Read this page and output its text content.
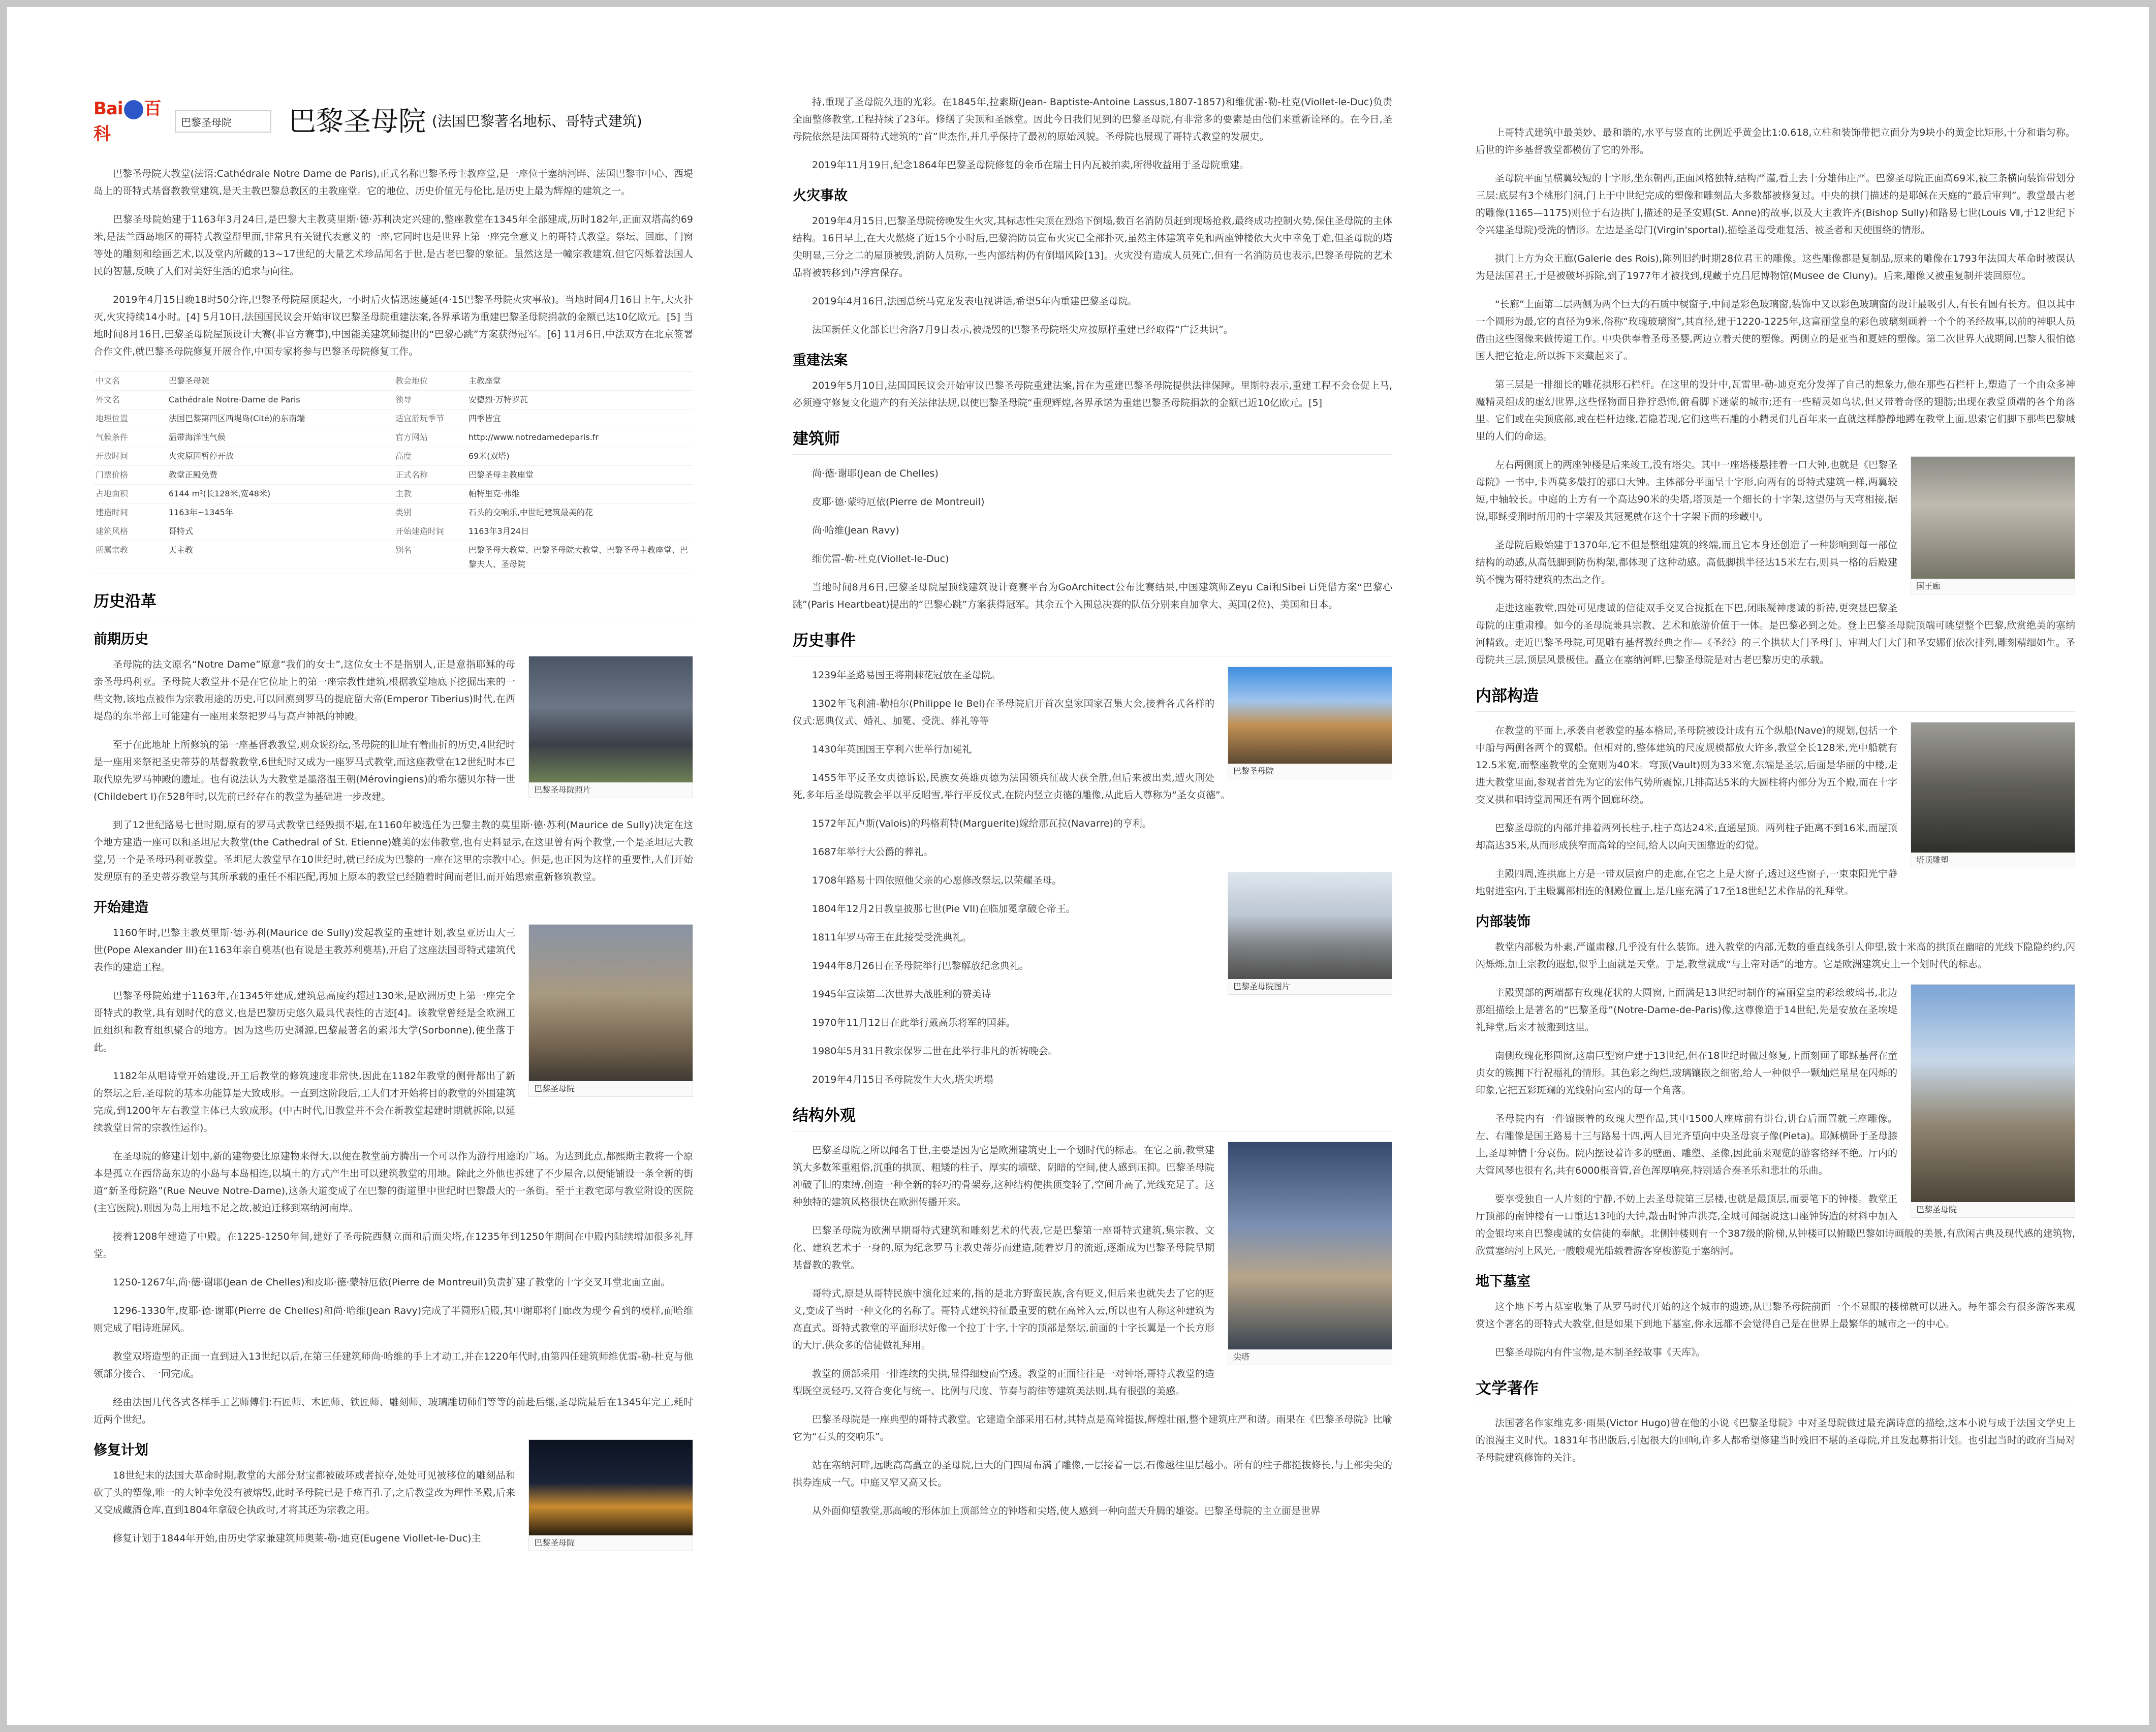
Bai 百科
巴黎圣母院	巴黎圣母院 (法国巴黎著名地标、哥特式建筑)

巴黎圣母院大教堂(法语:Cathédrale Notre Dame de Paris),正式名称巴黎圣母主教座堂,是一座位于塞纳河畔、法国巴黎市中心、西堤岛上的哥特式基督教教堂建筑,是天主教巴黎总教区的主教座堂。它的地位、历史价值无与伦比,是历史上最为辉煌的建筑之一。

巴黎圣母院始建于1163年3月24日,是巴黎大主教莫里斯·德·苏利决定兴建的,整座教堂在1345年全部建成,历时182年,正面双塔高约69米,是法兰西岛地区的哥特式教堂群里面,非常具有关键代表意义的一座,它同时也是世界上第一座完全意义上的哥特式教堂。祭坛、回廊、门窗等处的雕刻和绘画艺术,以及堂内所藏的13~17世纪的大量艺术珍品闻名于世,是古老巴黎的象征。虽然这是一幢宗教建筑,但它闪烁着法国人民的智慧,反映了人们对美好生活的追求与向往。

2019年4月15日晚18时50分许,巴黎圣母院屋顶起火,一小时后火情迅速蔓延(4·15巴黎圣母院火灾事故)。当地时间4月16日上午,大火扑灭,火灾持续14小时。[4] 5月10日,法国国民议会开始审议巴黎圣母院重建法案,各界承诺为重建巴黎圣母院捐款的金额已达10亿欧元。[5] 当地时间8月16日,巴黎圣母院屋顶设计大赛(非官方赛事),中国能美建筑师提出的“巴黎心跳”方案获得冠军。[6] 11月6日,中法双方在北京签署合作文件,就巴黎圣母院修复开展合作,中国专家将参与巴黎圣母院修复工作。

中文名	巴黎圣母院	教会地位	主教座堂
外文名	Cathédrale Notre-Dame de Paris	领导	安德烈·万特罗瓦
地理位置	法国巴黎第四区西堤岛(Cité)的东南端	适宜游玩季节	四季皆宜
气候条件	温带海洋性气候	官方网站	http://www.notredamedeparis.fr
开放时间	火灾原因暂停开放	高度	69米(双塔)
门票价格	教堂正殿免费	正式名称	巴黎圣母主教座堂
占地面积	6144 m²(长128米,宽48米)	主教	帕特里克·弗维
建造时间	1163年~1345年	类别	石头的交响乐,中世纪建筑最美的花
建筑风格	哥特式	开始建造时间	1163年3月24日
所属宗教	天主教	别名	巴黎圣母大教堂、巴黎圣母院大教堂、巴黎圣母主教座堂、巴黎夫人、圣母院
历史沿革
前期历史
巴黎圣母院照片

圣母院的法文原名“Notre Dame”原意“我们的女士”,这位女士不是指别人,正是意指耶稣的母亲圣母玛利亚。圣母院大教堂并不是在它位址上的第一座宗教性建筑,根据教堂地底下挖掘出来的一些文物,该地点被作为宗教用途的历史,可以回溯到罗马的提庇留大帝(Emperor Tiberius)时代,在西堤岛的东半部上可能建有一座用来祭祀罗马与高卢神祇的神殿。

至于在此地址上所修筑的第一座基督教教堂,则众说纷纭,圣母院的旧址有着曲折的历史,4世纪时是一座用来祭祀圣史蒂芬的基督教教堂,6世纪时又成为一座罗马式教堂,而这座教堂在12世纪时本已取代原先罗马神殿的遗址。也有说法认为大教堂是墨洛温王朝(Mérovingiens)的希尔德贝尔特一世(Childebert I)在528年时,以先前已经存在的教堂为基础进一步改建。

到了12世纪路易七世时期,原有的罗马式教堂已经毁损不堪,在1160年被选任为巴黎主教的莫里斯·德·苏利(Maurice de Sully)决定在这个地方建造一座可以和圣坦尼大教堂(the Cathedral of St. Etienne)媲美的宏伟教堂,也有史料显示,在这里曾有两个教堂,一个是圣坦尼大教堂,另一个是圣母玛利亚教堂。圣坦尼大教堂早在10世纪时,就已经成为巴黎的一座在这里的宗教中心。但是,也正因为这样的重要性,人们开始发现原有的圣史蒂芬教堂与其所承载的重任不相匹配,再加上原本的教堂已经随着时间而老旧,而开始思索重新修筑教堂。

开始建造
巴黎圣母院

1160年时,巴黎主教莫里斯·德·苏利(Maurice de Sully)发起教堂的重建计划,教皇亚历山大三世(Pope Alexander III)在1163年亲自奠基(也有说是主教苏利奠基),开启了这座法国哥特式建筑代表作的建造工程。

巴黎圣母院始建于1163年,在1345年建成,建筑总高度约超过130米,是欧洲历史上第一座完全哥特式的教堂,具有划时代的意义,也是巴黎历史悠久最具代表性的古迹[4]。该教堂曾经是全欧洲工匠组织和教育组织聚合的地方。因为这些历史渊源,巴黎最著名的索邦大学(Sorbonne),便坐落于此。

1182年从唱诗堂开始建设,开工后教堂的修筑速度非常快,因此在1182年教堂的侧骨都出了新的祭坛之后,圣母院的基本功能算是大致成形。一直到这阶段后,工人们才开始将目的教堂的外围建筑完成,到1200年左右教堂主体已大致成形。(中古时代,旧教堂并不会在新教堂起建时期就拆除,以延续教堂日常的宗教性运作)。

在圣母院的修建计划中,新的建物要比原建物来得大,以便在教堂前方腾出一个可以作为游行用途的广场。为达到此点,都熙斯主教将一个原本是孤立在西岱岛东边的小岛与本岛相连,以填土的方式产生出可以建筑教堂的用地。除此之外他也拆建了不少屋舍,以便能铺设一条全新的街道“新圣母院路”(Rue Neuve Notre-Dame),这条大道变成了在巴黎的街道里中世纪时巴黎最大的一条街。至于主教宅邸与教堂附设的医院(主宫医院),则因为岛上用地不足之故,被迫迁移到塞纳河南岸。

接着1208年建造了中殿。在1225-1250年间,建好了圣母院西侧立面和后面尖塔,在1235年到1250年期间在中殿内陆续增加很多礼拜堂。

1250-1267年,尚·德·谢耶(Jean de Chelles)和皮耶·德·蒙特厄依(Pierre de Montreuil)负责扩建了教堂的十字交叉耳堂北面立面。

1296-1330年,皮耶·德·谢耶(Pierre de Chelles)和尚·哈维(Jean Ravy)完成了半圆形后殿,其中谢耶将门廊改为现今看到的模样,而哈维则完成了唱诗班屏风。

教堂双塔造型的正面一直到进入13世纪以后,在第三任建筑师尚·哈维的手上才动工,并在1220年代时,由第四任建筑师维优雷-勒-杜克与他领部分接合、一同完成。

经由法国几代各式各样手工艺师傅们:石匠师、木匠师、铁匠师、雕刻师、玻璃雕切师们等等的前赴后继,圣母院最后在1345年完工,耗时近两个世纪。

巴黎圣母院
修复计划

18世纪末的法国大革命时期,教堂的大部分财宝都被破坏或者掠夺,处处可见被移位的雕刻品和砍了头的塑像,唯一的大钟幸免没有被熔毁,此时圣母院已是千疮百孔了,之后教堂改为理性圣殿,后来又变成藏酒仓库,直到1804年拿破仑执政时,才将其还为宗教之用。

修复计划于1844年开始,由历史学家兼建筑师奥莱-勒-迪克(Eugene Viollet-le-Duc)主

持,重现了圣母院久违的光彩。在1845年,拉素斯(Jean- Baptiste-Antoine Lassus,1807-1857)和维优雷-勒-杜克(Viollet-le-Duc)负责全面整修教堂,工程持续了23年。修缮了尖顶和圣骸堂。因此今日我们见到的巴黎圣母院,有非常多的要素是由他们来重新诠释的。在今日,圣母院依然是法国哥特式建筑的“首”世杰作,并几乎保持了最初的原始风貌。圣母院也展现了哥特式教堂的发展史。

2019年11月19日,纪念1864年巴黎圣母院修复的金币在瑞士日内瓦被拍卖,所得收益用于圣母院重建。

火灾事故

2019年4月15日,巴黎圣母院傍晚发生火灾,其标志性尖顶在烈焰下倒塌,数百名消防员赶到现场抢救,最终成功控制火势,保住圣母院的主体结构。16日早上,在大火燃烧了近15个小时后,巴黎消防员宣布火灾已全部扑灭,虽然主体建筑幸免和两座钟楼依大火中幸免于难,但圣母院的塔尖明显,三分之二的屋顶被毁,消防人员称,一些内部结构仍有倒塌风险[13]。火灾没有造成人员死亡,但有一名消防员也表示,巴黎圣母院的艺术品将被转移到卢浮宫保存。

2019年4月16日,法国总统马克龙发表电视讲话,希望5年内重建巴黎圣母院。

法国新任文化部长巴舍洛7月9日表示,被烧毁的巴黎圣母院塔尖应按原样重建已经取得“广泛共识”。

重建法案

2019年5月10日,法国国民议会开始审议巴黎圣母院重建法案,旨在为重建巴黎圣母院提供法律保障。里斯特表示,重建工程不会仓促上马,必须遵守修复文化遗产的有关法律法规,以使巴黎圣母院“重现辉煌,各界承诺为重建巴黎圣母院捐款的金额已近10亿欧元。[5]

建筑师

尚·德·谢耶(Jean de Chelles)

皮耶·德·蒙特厄依(Pierre de Montreuil)

尚·哈维(Jean Ravy)

维优雷-勒-杜克(Viollet-le-Duc)

当地时间8月6日,巴黎圣母院屋顶线建筑设计竞赛平台为GoArchitect公布比赛结果,中国建筑师Zeyu Cai和Sibei Li凭借方案“巴黎心跳”(Paris Heartbeat)提出的“巴黎心跳”方案获得冠军。其余五个入围总决赛的队伍分别来自加拿大、英国(2位)、美国和日本。

历史事件
巴黎圣母院

1239年圣路易国王将荆棘花冠放在圣母院。

1302年飞利浦-勒柏尔(Philippe le Bel)在圣母院启开首次皇家国家召集大会,接着各式各样的仪式:恩典仪式、婚礼、加冕、受洗、葬礼等等

1430年英国国王亨利六世举行加冕礼

1455年平反圣女贞德诉讼,民族女英雄贞德为法国领兵征战大获全胜,但后来被出卖,遭火刑处死,多年后圣母院教会平以平反昭雪,举行平反仪式,在院内竖立贞德的雕像,从此后人尊称为“圣女贞德”。

1572年瓦卢斯(Valois)的玛格莉特(Marguerite)嫁给那瓦拉(Navarre)的亨利。

1687年举行大公爵的葬礼。

巴黎圣母院图片

1708年路易十四依照他父亲的心愿修改祭坛,以荣耀圣母。

1804年12月2日教皇披那七世(Pie VII)在临加冕拿破仑帝王。

1811年罗马帝王在此接受受洗典礼。

1944年8月26日在圣母院举行巴黎解放纪念典礼。

1945年宣读第二次世界大战胜利的赞美诗

1970年11月12日在此举行戴高乐将军的国葬。

1980年5月31日教宗保罗二世在此举行非凡的祈祷晚会。

2019年4月15日圣母院发生大火,塔尖坍塌

结构外观
尖塔

巴黎圣母院之所以闻名于世,主要是因为它是欧洲建筑史上一个划时代的标志。在它之前,教堂建筑大多数笨重粗俗,沉重的拱顶、粗矮的柱子、厚实的墙壁、阴暗的空间,使人感到压抑。巴黎圣母院冲破了旧的束缚,创造一种全新的轻巧的骨架券,这种结构使拱顶变轻了,空间升高了,光线充足了。这种独特的建筑风格很快在欧洲传播开来。

巴黎圣母院为欧洲早期哥特式建筑和雕刻艺术的代表,它是巴黎第一座哥特式建筑,集宗教、文化、建筑艺术于一身的,原为纪念罗马主教史蒂芬而建造,随着岁月的流逝,逐渐成为巴黎圣母院早期基督教的教堂。

哥特式,原是从哥特民族中演化过来的,指的是北方野蛮民族,含有贬义,但后来也就失去了它的贬义,变成了当时一种文化的名称了。哥特式建筑特征最重要的就在高耸入云,所以也有人称这种建筑为高直式。哥特式教堂的平面形状好像一个拉丁十字,十字的顶部是祭坛,前面的十字长翼是一个长方形的大厅,供众多的信徒做礼拜用。

教堂的顶部采用一排连续的尖拱,显得细瘦而空透。教堂的正面往往是一对钟塔,哥特式教堂的造型既空灵轻巧,又符合变化与统一、比例与尺度、节奏与韵律等建筑美法则,具有很强的美感。

巴黎圣母院是一座典型的哥特式教堂。它建造全部采用石材,其特点是高耸挺拔,辉煌壮丽,整个建筑庄严和谐。雨果在《巴黎圣母院》比喻它为“石头的交响乐”。

站在塞纳河畔,远眺高高矗立的圣母院,巨大的门四周布满了雕像,一层接着一层,石像越往里层越小。所有的柱子都挺拔修长,与上部尖尖的拱券连成一气。中庭又窄又高又长。

从外面仰望教堂,那高峻的形体加上顶部耸立的钟塔和尖塔,使人感到一种向蓝天升腾的雄姿。巴黎圣母院的主立面是世界

上哥特式建筑中最美妙、最和谐的,水平与竖直的比例近乎黄金比1:0.618,立柱和装饰带把立面分为9块小的黄金比矩形,十分和谐匀称。后世的许多基督教堂都模仿了它的外形。

圣母院平面呈横翼较短的十字形,坐东朝西,正面风格独特,结构严谨,看上去十分雄伟庄严。巴黎圣母院正面高69米,被三条横向装饰带划分三层:底层有3个桃形门洞,门上于中世纪完成的塑像和雕刻品大多数都被修复过。中央的拱门描述的是耶稣在天庭的“最后审判”。教堂最古老的雕像(1165—1175)则位于右边拱门,描述的是圣安娜(St. Anne)的故事,以及大主教许齐(Bishop Sully)和路易七世(Louis Ⅶ,于12世纪下令兴建圣母院)受洗的情形。左边是圣母门(Virgin'sportal),描绘圣母受难复活、被圣者和天使围绕的情形。

拱门上方为众王廊(Galerie des Rois),陈列旧约时期28位君王的雕像。这些雕像都是复制品,原来的雕像在1793年法国大革命时被误认为是法国君王,于是被破坏拆除,到了1977年才被找到,现藏于克吕尼博物馆(Musee de Cluny)。后来,雕像又被重复制并装回原位。

“长廊”上面第二层两侧为两个巨大的石质中棂窗子,中间是彩色玻璃窗,装饰中又以彩色玻璃窗的设计最吸引人,有长有圆有长方。但以其中一个圆形为最,它的直径为9米,俗称“玫瑰玻璃窗”,其直径,建于1220-1225年,这富丽堂皇的彩色玻璃刻画着一个个的圣经故事,以前的神职人员借由这些图像来做传道工作。中央供奉着圣母圣婴,两边立着天使的塑像。两侧立的是亚当和夏娃的塑像。第二次世界大战期间,巴黎人很怕德国人把它抢走,所以拆下来藏起来了。

第三层是一排细长的雕花拱形石栏杆。在这里的设计中,瓦雷里-勒-迪克充分发挥了自己的想象力,他在那些石栏杆上,塑造了一个由众多神魔精灵组成的虚幻世界,这些怪物面目狰狞恐怖,俯看脚下迷蒙的城市;还有一些精灵如鸟状,但又带着奇怪的翅膀;出现在教堂顶端的各个角落里。它们或在尖顶底部,或在栏杆边缘,若隐若现,它们这些石雕的小精灵们几百年来一直就这样静静地蹲在教堂上面,思索它们脚下那些巴黎城里的人们的命运。

国王廊

左右两侧顶上的两座钟楼是后来竣工,没有塔尖。其中一座塔楼悬挂着一口大钟,也就是《巴黎圣母院》一书中,卡西莫多敲打的那口大钟。主体部分平面呈十字形,向两有的哥特式建筑一样,两翼较短,中轴较长。中庭的上方有一个高达90米的尖塔,塔顶是一个细长的十字架,这望仍与天穹相接,据说,耶稣受刑时所用的十字架及其冠冕就在这个十字架下面的珍藏中。

圣母院后殿始建于1370年,它不但是整组建筑的终端,而且它本身还创造了一种影响到每一部位结构的动感,从高低脚到防伤构架,都体现了这种动感。高低脚拱半径达15米左右,则具一格的后殿建筑不愧为哥特建筑的杰出之作。

走进这座教堂,四处可见虔诚的信徒双手交叉合拢抵在下巴,闭眼凝神虔诚的祈祷,更突显巴黎圣母院的庄重肃穆。如今的圣母院兼具宗教、艺术和旅游价值于一体。是巴黎必到之处。登上巴黎圣母院顶端可眺望整个巴黎,欣赏绝美的塞纳河精致。走近巴黎圣母院,可见雕有基督教经典之作—《圣经》的三个拱状大门圣母门、审判大门大门和圣安娜们依次排列,雕刻精细如生。圣母院共三层,顶层风景极佳。矗立在塞纳河畔,巴黎圣母院是对古老巴黎历史的承载。

内部构造
塔顶雕塑

在教堂的平面上,承袭自老教堂的基本格局,圣母院被设计成有五个纵船(Nave)的规划,包括一个中船与两侧各两个的翼船。但相对的,整体建筑的尺度规模都放大许多,教堂全长128米,光中船就有12.5米宽,而整座教堂的全宽则为40米。穹顶(Vault)则为33米宽,东端是圣坛,后面是华丽的中楼,走进大教堂里面,参观者首先为它的宏伟气势所震惊,几排高达5米的大圆柱将内部分为五个殿,而在十字交叉拱和唱诗堂周围还有两个回廊环绕。

巴黎圣母院的内部并排着两列长柱子,柱子高达24米,直通屋顶。两列柱子距离不到16米,而屋顶却高达35米,从而形成狭窄而高耸的空间,给人以向天国靠近的幻觉。

主殿四周,连拱廊上方是一带双层窗户的走廊,在它之上是大窗子,透过这些窗子,一束束阳光宁静地射进室内,于主殿翼部相连的侧殿位置上,是几座充满了17至18世纪艺术作品的礼拜堂。

内部装饰

教堂内部极为朴素,严谨肃穆,几乎没有什么装饰。进入教堂的内部,无数的垂直线条引人仰望,数十米高的拱顶在幽暗的光线下隐隐约约,闪闪烁烁,加上宗教的遐想,似乎上面就是天堂。于是,教堂就成“与上帝对话”的地方。它是欧洲建筑史上一个划时代的标志。

巴黎圣母院

主殿翼部的两端都有玫瑰花状的大圆窗,上面满是13世纪时制作的富丽堂皇的彩绘玻璃书,北边那组描绘上是著名的“巴黎圣母”(Notre-Dame-de-Paris)像,这尊像造于14世纪,先是安放在圣埃堤礼拜堂,后来才被搬到这里。

南侧玫瑰花形圆窗,这扇巨型窗户建于13世纪,但在18世纪时做过修复,上面刻画了耶稣基督在童贞女的簇拥下行祝福礼的情形。其色彩之绚烂,玻璃镶嵌之细密,给人一种似乎一颗灿烂星星在闪烁的印象,它把五彩斑斓的光线射向室内的每一个角落。

圣母院内有一件镶嵌着的玫瑰大型作品,其中1500人座席前有讲台,讲台后面置就三座雕像。左、右雕像是国王路易十三与路易十四,两人目光齐望向中央圣母哀子像(Pieta)。耶稣横卧于圣母膝上,圣母神情十分哀伤。院内摆设着许多的壁画、雕塑、圣像,因此前来观览的游客络绎不绝。厅内的大管风琴也很有名,共有6000根音管,音色浑厚响亮,特别适合奏圣乐和悲壮的乐曲。

要享受独自一人片刻的宁静,不妨上去圣母院第三层楼,也就是最顶层,而要笔下的钟楼。教堂正厅顶部的南钟楼有一口重达13吨的大钟,敲击时钟声洪亮,全城可闻据说这口座钟铸造的材料中加入的金银均来自巴黎虔诚的女信徒的奉献。北侧钟楼则有一个387级的阶梯,从钟楼可以俯瞰巴黎如诗画般的美景,有欣闲古典及现代感的建筑物,欣赏塞纳河上风光,一艘艘观光船载着游客穿梭游览于塞纳河。

地下墓室

这个地下考古墓室收集了从罗马时代开始的这个城市的遗迹,从巴黎圣母院前面一个不显眼的楼梯就可以进入。每年都会有很多游客来观赏这个著名的哥特式大教堂,但是如果下到地下墓室,你永远都不会觉得自己是在世界上最繁华的城市之一的中心。

巴黎圣母院内有件宝物,是木制圣经故事《天库》。

文学著作

法国著名作家维克多·雨果(Victor Hugo)曾在他的小说《巴黎圣母院》中对圣母院做过最充满诗意的描绘,这本小说与成于法国文学史上的浪漫主义时代。1831年书出版后,引起很大的回响,许多人都希望修建当时残旧不堪的圣母院,并且发起募捐计划。也引起当时的政府当局对圣母院建筑修饰的关注。
